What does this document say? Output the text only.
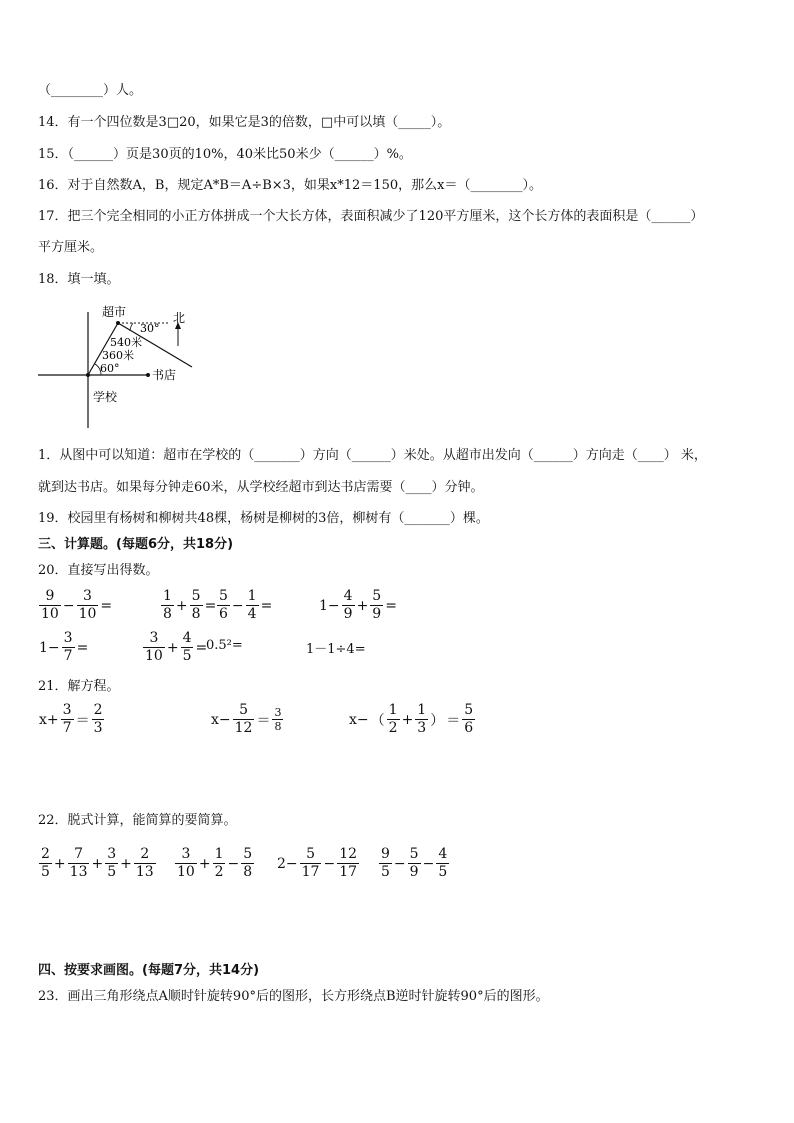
（________）人。
14．有一个四位数是3□20，如果它是3的倍数，□中可以填（_____）。
15．（______）页是30页的10%，40米比50米少（______）%。
16．对于自然数A，B，规定A*B＝A÷B×3，如果x*12＝150，那么x＝（________）。
17．把三个完全相同的小正方体拼成一个大长方体，表面积减少了120平方厘米，这个长方体的表面积是（______）
平方厘米。
18．填一填。
超市	北
30°
540米
360米
60°	书店
学校
1．从图中可以知道：超市在学校的（_______）方向（______）米处。从超市出发向（______）方向走（____） 米，
就到达书店。如果每分钟走60米，从学校经超市到达书店需要（____）分钟。
19．校园里有杨树和柳树共48棵，杨树是柳树的3倍，柳树有（_______）棵。
三、计算题。(每题6分，共18分)
20．直接写出得数。
$\frac{9}{10} - \frac{3}{10}$ =	$\frac{1}{8} + \frac{5}{8} = \frac{5}{6} - \frac{1}{4}$ =	$1- \frac{4}{9} + \frac{5}{9}$ =
$1- \frac{3}{7}$ =	$\frac{3}{10} + \frac{4}{5}$ =
0.5²=	1－1÷4=
21．解方程。
$x+ \frac{3}{7} = \frac{2}{3}$	$x- \frac{5}{12} = \frac{3}{8}$	x− （ $\frac{1}{2} + \frac{1}{3}$ ） ＝ $\frac{5}{6}$
22．脱式计算，能简算的要简算。
$\frac{2}{5} + \frac{7}{13} + \frac{3}{5} + \frac{2}{13} \frac{3}{10} + \frac{1}{2} - \frac{5}{8} 2- \frac{5}{17} - \frac{12}{17} \frac{9}{5} - \frac{5}{9} - \frac{4}{5}$
四、按要求画图。(每题7分，共14分)
23．画出三角形绕点A顺时针旋转90°后的图形，长方形绕点B逆时针旋转90°后的图形。
